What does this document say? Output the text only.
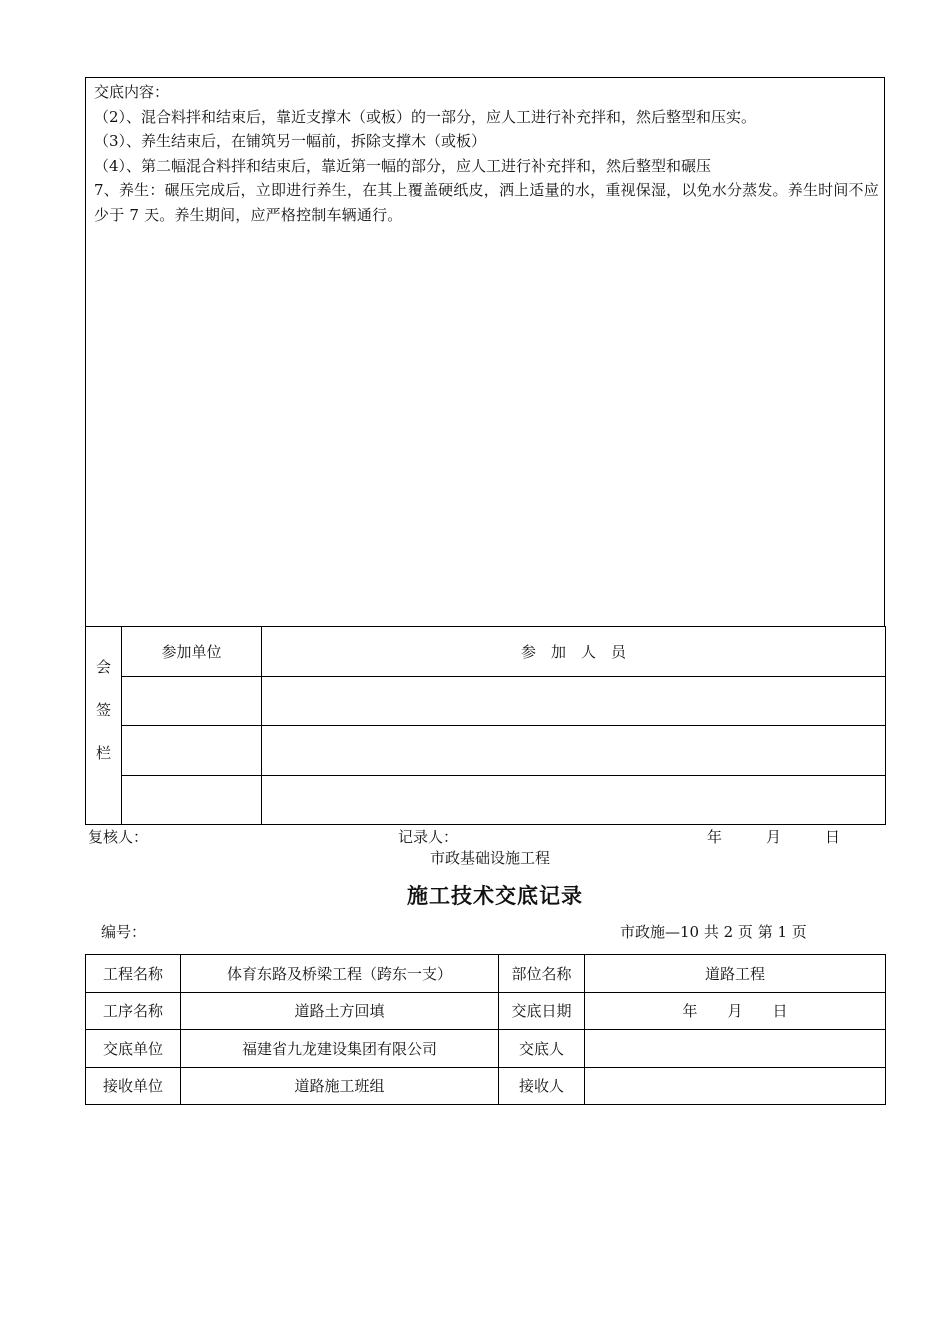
交底内容：
（2）、混合料拌和结束后，靠近支撑木（或板）的一部分，应人工进行补充拌和，然后整型和压实。
（3）、养生结束后，在铺筑另一幅前，拆除支撑木（或板）
（4）、第二幅混合料拌和结束后，靠近第一幅的部分，应人工进行补充拌和，然后整型和碾压
7、养生：碾压完成后，立即进行养生，在其上覆盖硬纸皮，洒上适量的水，重视保湿，以免水分蒸发。养生时间不应少于 7 天。养生期间，应严格控制车辆通行。
会签栏	参加单位	参　加　人　员

复核人：	记录人：	年	月	日
市政基础设施工程
施工技术交底记录
编号：	市政施—10 共 2 页 第 1 页
工程名称	体育东路及桥梁工程（跨东一支）	部位名称	道路工程
工序名称	道路土方回填	交底日期	年　　月　　日
交底单位	福建省九龙建设集团有限公司	交底人	
接收单位	道路施工班组	接收人	
